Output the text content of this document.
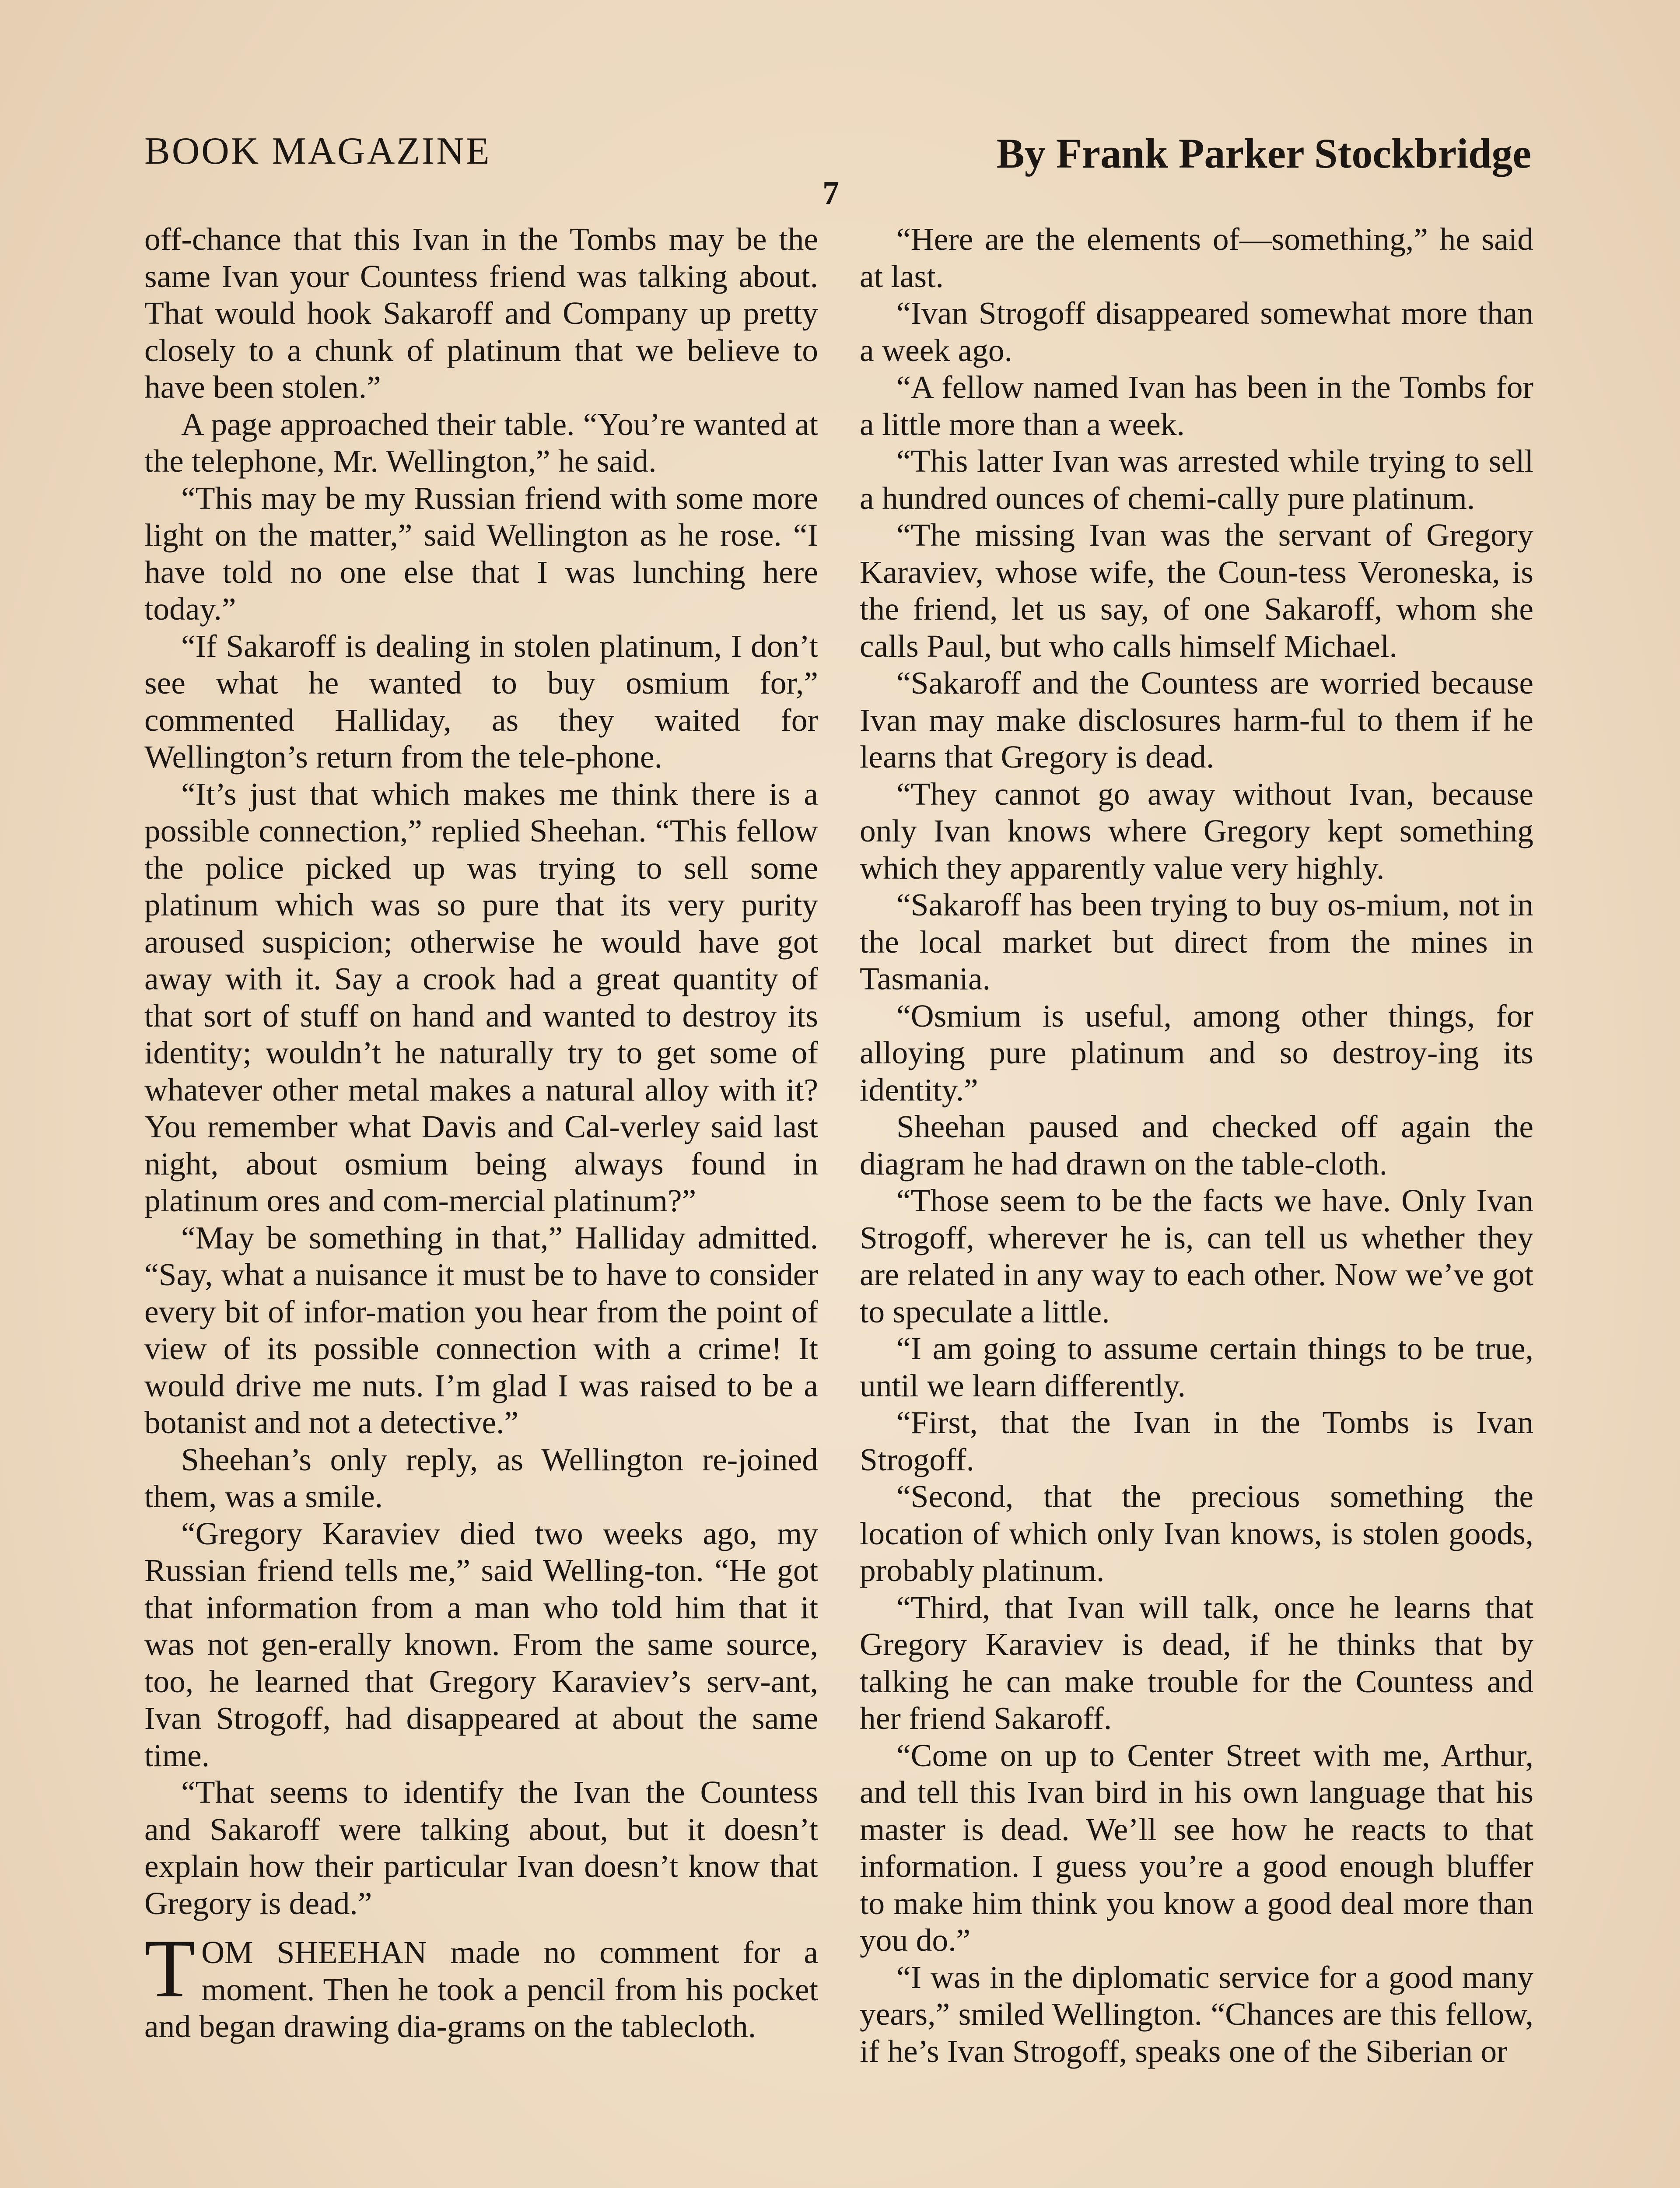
BOOK MAGAZINE	By Frank Parker Stockbridge
7

off-chance that this Ivan in the Tombs may be the same Ivan your Countess friend was talking about. That would hook Sakaroff and Company up pretty closely to a chunk of platinum that we believe to have been stolen.”

A page approached their table. “You’re wanted at the telephone, Mr. Wellington,” he said.

“This may be my Russian friend with some more light on the matter,” said Wellington as he rose. “I have told no one else that I was lunching here today.”

“If Sakaroff is dealing in stolen platinum, I don’t see what he wanted to buy osmium for,” commented Halliday, as they waited for Wellington’s return from the tele-phone.

“It’s just that which makes me think there is a possible connection,” replied Sheehan. “This fellow the police picked up was trying to sell some platinum which was so pure that its very purity aroused suspicion; otherwise he would have got away with it. Say a crook had a great quantity of that sort of stuff on hand and wanted to destroy its identity; wouldn’t he naturally try to get some of whatever other metal makes a natural alloy with it? You remember what Davis and Cal-verley said last night, about osmium being always found in platinum ores and com-mercial platinum?”

“May be something in that,” Halliday admitted. “Say, what a nuisance it must be to have to consider every bit of infor-mation you hear from the point of view of its possible connection with a crime! It would drive me nuts. I’m glad I was raised to be a botanist and not a detective.”

Sheehan’s only reply, as Wellington re-joined them, was a smile.

“Gregory Karaviev died two weeks ago, my Russian friend tells me,” said Welling-ton. “He got that information from a man who told him that it was not gen-erally known. From the same source, too, he learned that Gregory Karaviev’s serv-ant, Ivan Strogoff, had disappeared at about the same time.

“That seems to identify the Ivan the Countess and Sakaroff were talking about, but it doesn’t explain how their particular Ivan doesn’t know that Gregory is dead.”

TOM SHEEHAN made no comment for a moment. Then he took a pencil from his pocket and began drawing dia-grams on the tablecloth.

“Here are the elements of—something,” he said at last.

“Ivan Strogoff disappeared somewhat more than a week ago.

“A fellow named Ivan has been in the Tombs for a little more than a week.

“This latter Ivan was arrested while trying to sell a hundred ounces of chemi-cally pure platinum.

“The missing Ivan was the servant of Gregory Karaviev, whose wife, the Coun-tess Veroneska, is the friend, let us say, of one Sakaroff, whom she calls Paul, but who calls himself Michael.

“Sakaroff and the Countess are worried because Ivan may make disclosures harm-ful to them if he learns that Gregory is dead.

“They cannot go away without Ivan, because only Ivan knows where Gregory kept something which they apparently value very highly.

“Sakaroff has been trying to buy os-mium, not in the local market but direct from the mines in Tasmania.

“Osmium is useful, among other things, for alloying pure platinum and so destroy-ing its identity.”

Sheehan paused and checked off again the diagram he had drawn on the table-cloth.

“Those seem to be the facts we have. Only Ivan Strogoff, wherever he is, can tell us whether they are related in any way to each other. Now we’ve got to speculate a little.

“I am going to assume certain things to be true, until we learn differently.

“First, that the Ivan in the Tombs is Ivan Strogoff.

“Second, that the precious something the location of which only Ivan knows, is stolen goods, probably platinum.

“Third, that Ivan will talk, once he learns that Gregory Karaviev is dead, if he thinks that by talking he can make trouble for the Countess and her friend Sakaroff.

“Come on up to Center Street with me, Arthur, and tell this Ivan bird in his own language that his master is dead. We’ll see how he reacts to that information. I guess you’re a good enough bluffer to make him think you know a good deal more than you do.”

“I was in the diplomatic service for a good many years,” smiled Wellington. “Chances are this fellow, if he’s Ivan Strogoff, speaks one of the Siberian or
